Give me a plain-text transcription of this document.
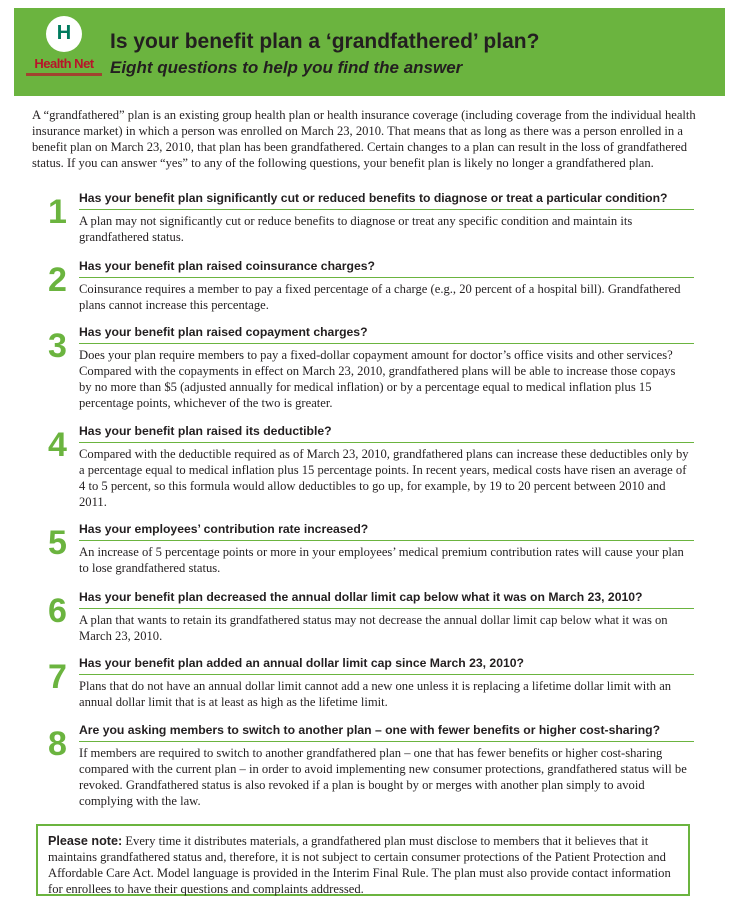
H
Health Net
Is your benefit plan a ‘grandfathered’ plan?
Eight questions to help you find the answer
A “grandfathered” plan is an existing group health plan or health insurance coverage (including coverage from the individual health insurance market) in which a person was enrolled on March 23, 2010. That means that as long as there was a person enrolled in a benefit plan on March 23, 2010, that plan has been grandfathered. Certain changes to a plan can result in the loss of grandfathered status. If you can answer “yes” to any of the following questions, your benefit plan is likely no longer a grandfathered plan.
1 Has your benefit plan significantly cut or reduced benefits to diagnose or treat a particular condition?
A plan may not significantly cut or reduce benefits to diagnose or treat any specific condition and maintain its grandfathered status.
2 Has your benefit plan raised coinsurance charges?
Coinsurance requires a member to pay a fixed percentage of a charge (e.g., 20 percent of a hospital bill). Grandfathered plans cannot increase this percentage.
3 Has your benefit plan raised copayment charges?
Does your plan require members to pay a fixed-dollar copayment amount for doctor’s office visits and other services? Compared with the copayments in effect on March 23, 2010, grandfathered plans will be able to increase those copays by no more than $5 (adjusted annually for medical inflation) or by a percentage equal to medical inflation plus 15 percentage points, whichever of the two is greater.
4 Has your benefit plan raised its deductible?
Compared with the deductible required as of March 23, 2010, grandfathered plans can increase these deductibles only by a percentage equal to medical inflation plus 15 percentage points. In recent years, medical costs have risen an average of 4 to 5 percent, so this formula would allow deductibles to go up, for example, by 19 to 20 percent between 2010 and 2011.
5 Has your employees’ contribution rate increased?
An increase of 5 percentage points or more in your employees’ medical premium contribution rates will cause your plan to lose grandfathered status.
6 Has your benefit plan decreased the annual dollar limit cap below what it was on March 23, 2010?
A plan that wants to retain its grandfathered status may not decrease the annual dollar limit cap below what it was on March 23, 2010.
7 Has your benefit plan added an annual dollar limit cap since March 23, 2010?
Plans that do not have an annual dollar limit cannot add a new one unless it is replacing a lifetime dollar limit with an annual dollar limit that is at least as high as the lifetime limit.
8 Are you asking members to switch to another plan – one with fewer benefits or higher cost-sharing?
If members are required to switch to another grandfathered plan – one that has fewer benefits or higher cost-sharing compared with the current plan – in order to avoid implementing new consumer protections, grandfathered status will be revoked. Grandfathered status is also revoked if a plan is bought by or merges with another plan simply to avoid complying with the law.
Please note: Every time it distributes materials, a grandfathered plan must disclose to members that it believes that it maintains grandfathered status and, therefore, it is not subject to certain consumer protections of the Patient Protection and Affordable Care Act. Model language is provided in the Interim Final Rule. The plan must also provide contact information for enrollees to have their questions and complaints addressed.
